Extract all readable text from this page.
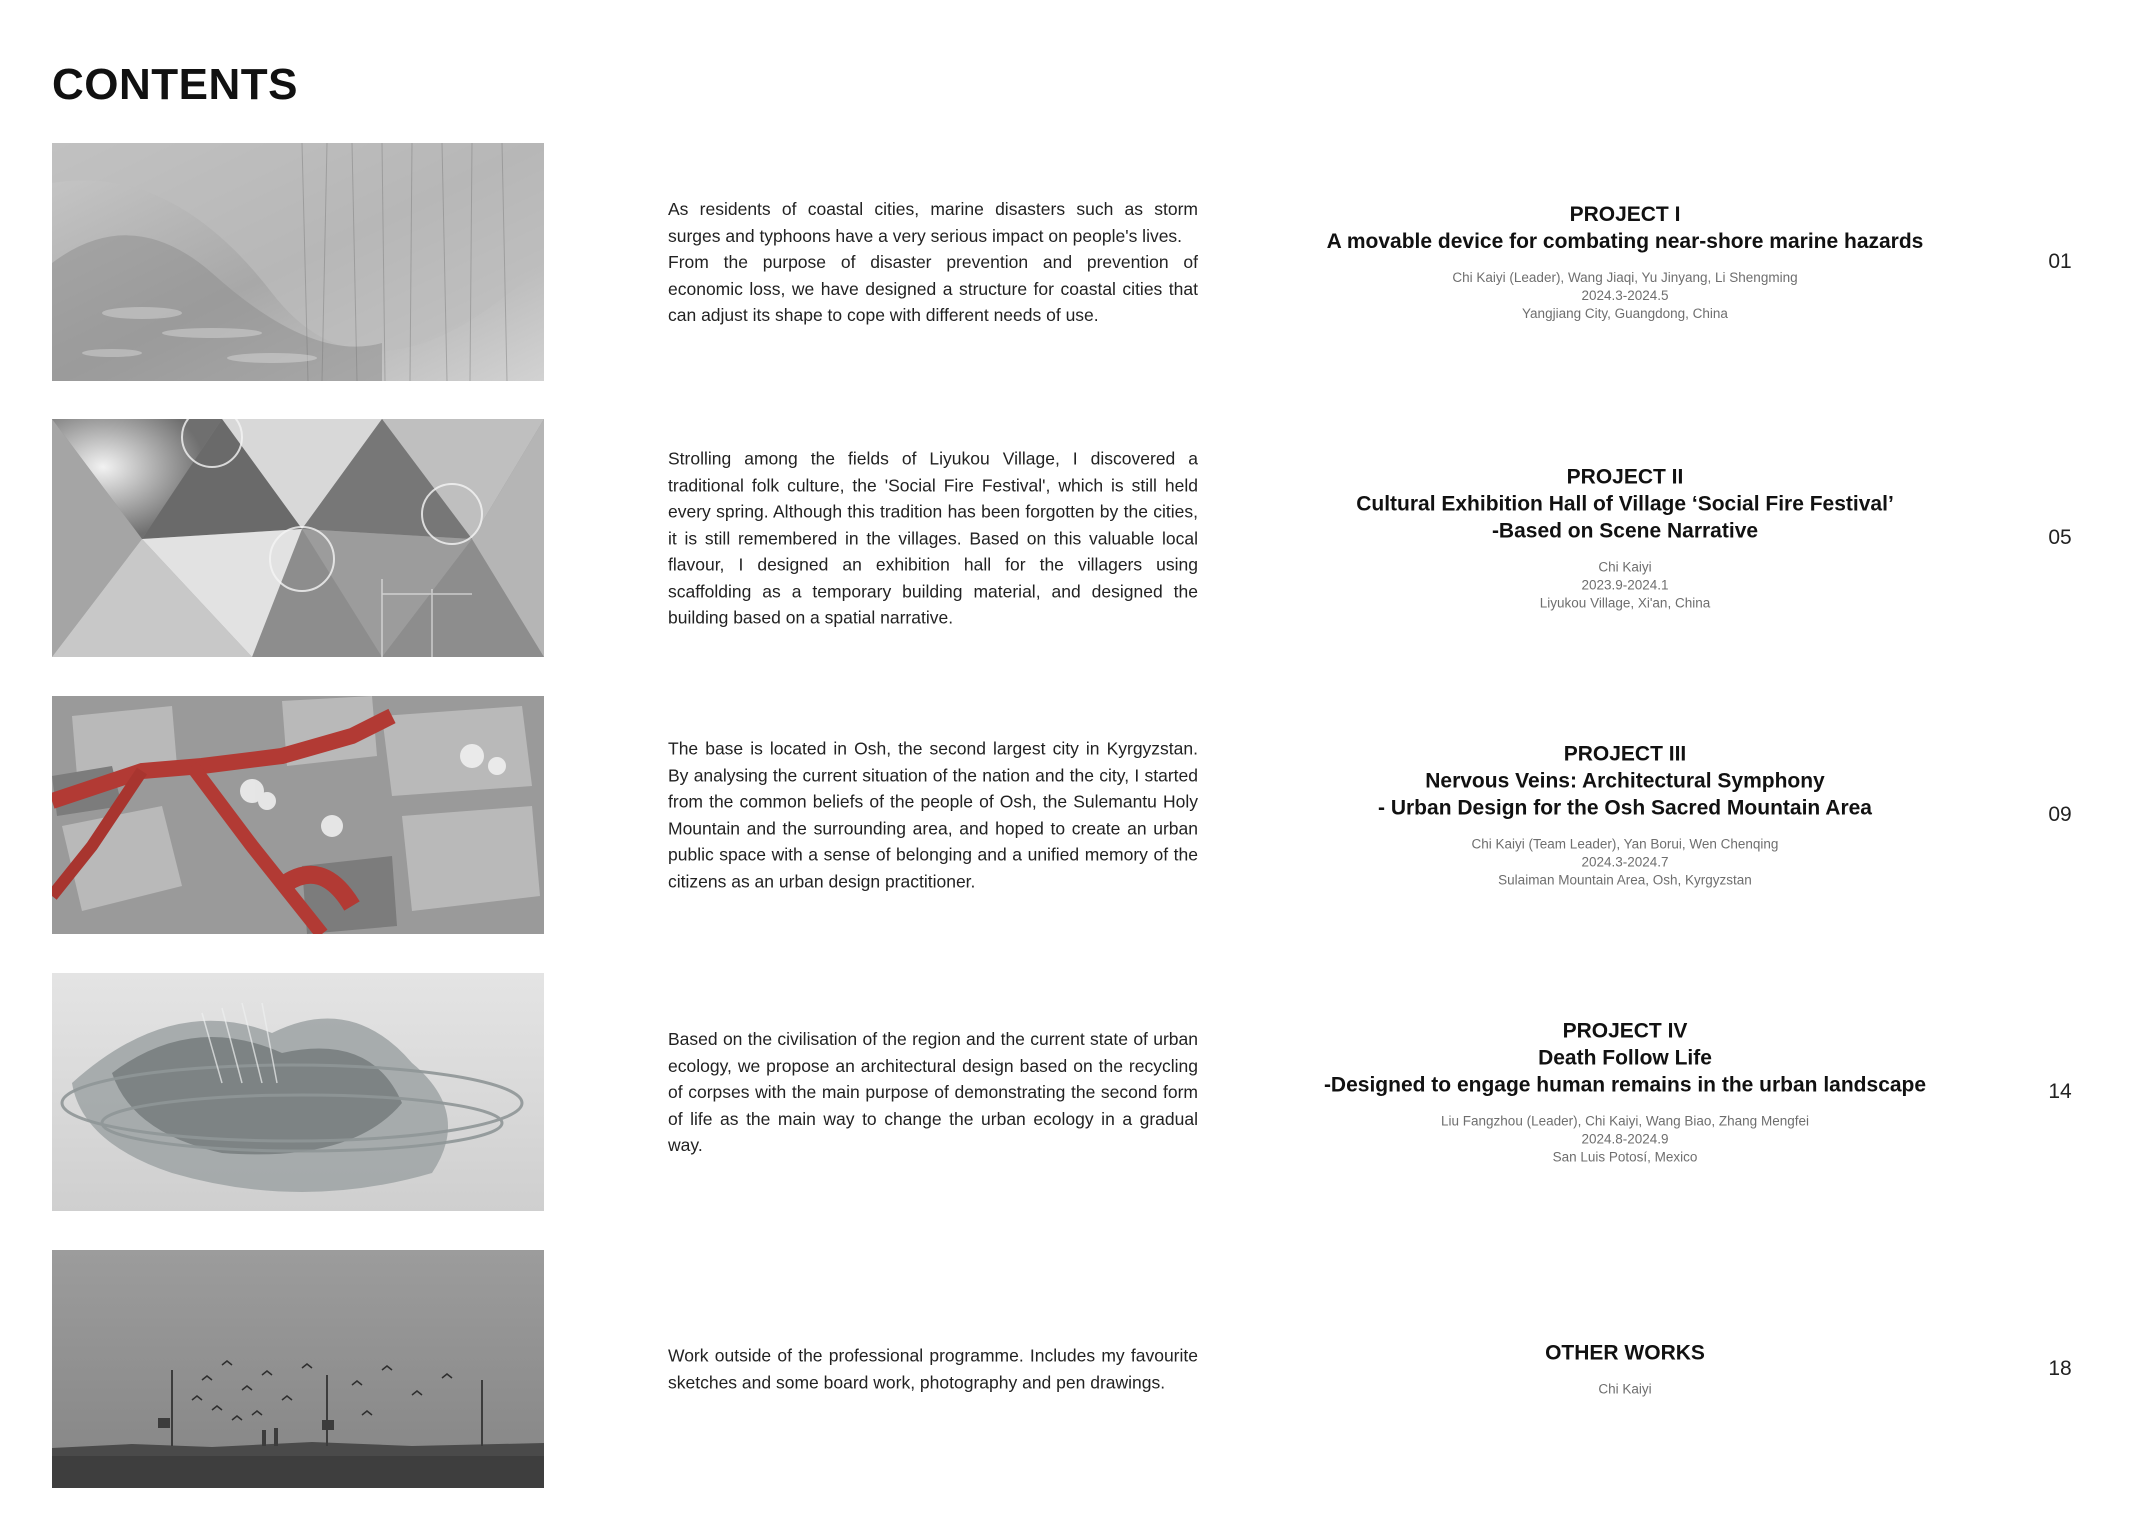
CONTENTS

As residents of coastal cities, marine disasters such as storm surges and typhoons have a very serious impact on people's lives.

From the purpose of disaster prevention and prevention of economic loss, we have designed a structure for coastal cities that can adjust its shape to cope with different needs of use.

PROJECT I
A movable device for combating near-shore marine hazards
Chi Kaiyi (Leader), Wang Jiaqi, Yu Jinyang, Li Shengming
2024.3-2024.5
Yangjiang City, Guangdong, China
01

Strolling among the fields of Liyukou Village, I discovered a traditional folk culture, the 'Social Fire Festival', which is still held every spring. Although this tradition has been forgotten by the cities, it is still remembered in the villages. Based on this valuable local flavour, I designed an exhibition hall for the villagers using scaffolding as a temporary building material, and designed the building based on a spatial narrative.

PROJECT II
Cultural Exhibition Hall of Village ‘Social Fire Festival’
-Based on Scene Narrative
Chi Kaiyi
2023.9-2024.1
Liyukou Village, Xi'an, China
05

The base is located in Osh, the second largest city in Kyrgyzstan. By analysing the current situation of the nation and the city, I started from the common beliefs of the people of Osh, the Sulemantu Holy Mountain and the surrounding area, and hoped to create an urban public space with a sense of belonging and a unified memory of the citizens as an urban design practitioner.

PROJECT III
Nervous Veins: Architectural Symphony
- Urban Design for the Osh Sacred Mountain Area
Chi Kaiyi (Team Leader), Yan Borui, Wen Chenqing
2024.3-2024.7
Sulaiman Mountain Area, Osh, Kyrgyzstan
09

Based on the civilisation of the region and the current state of urban ecology, we propose an architectural design based on the recycling of corpses with the main purpose of demonstrating the second form of life as the main way to change the urban ecology in a gradual way.

PROJECT IV
Death Follow Life
-Designed to engage human remains in the urban landscape
Liu Fangzhou (Leader), Chi Kaiyi, Wang Biao, Zhang Mengfei
2024.8-2024.9
San Luis Potosí, Mexico
14

Work outside of the professional programme. Includes my favourite sketches and some board work, photography and pen drawings.

OTHER WORKS
Chi Kaiyi
18
